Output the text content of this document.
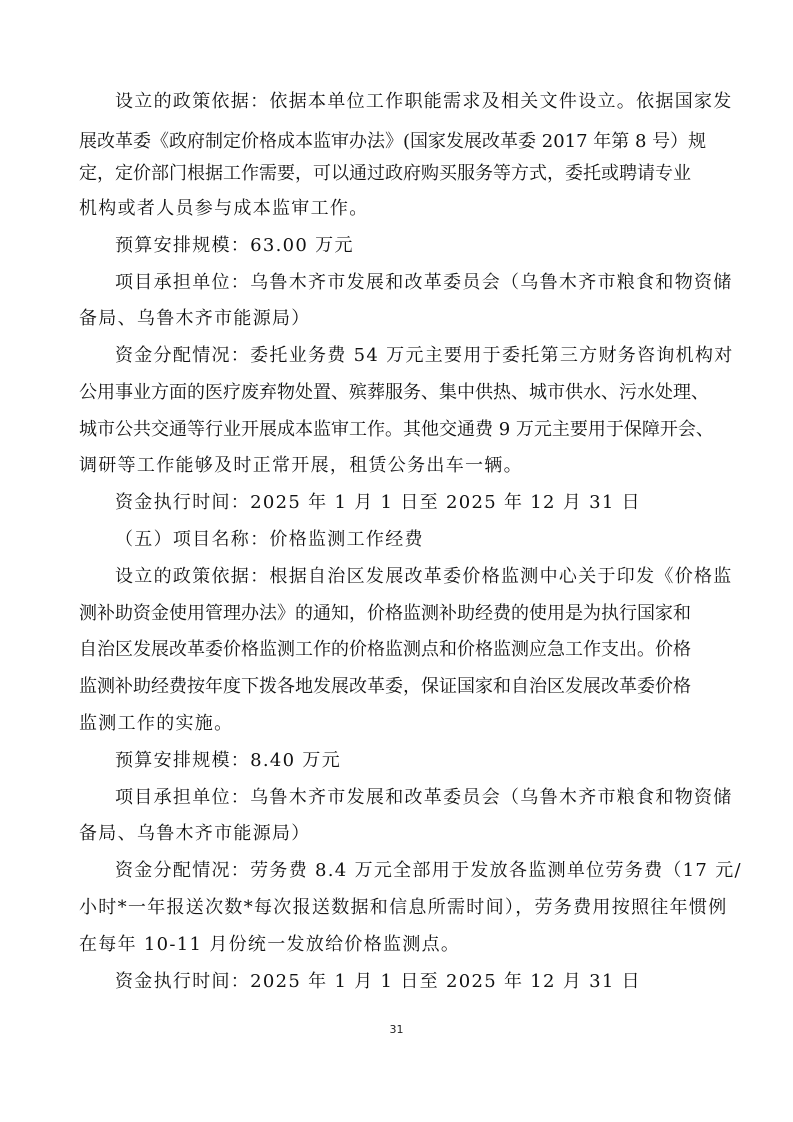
设立的政策依据：依据本单位工作职能需求及相关文件设立。依据国家发
展改革委《政府制定价格成本监审办法》(国家发展改革委 2017 年第 8 号）规
定，定价部门根据工作需要，可以通过政府购买服务等方式，委托或聘请专业
机构或者人员参与成本监审工作。
预算安排规模：63.00 万元
项目承担单位：乌鲁木齐市发展和改革委员会（乌鲁木齐市粮食和物资储
备局、乌鲁木齐市能源局）
资金分配情况：委托业务费 54 万元主要用于委托第三方财务咨询机构对
公用事业方面的医疗废弃物处置、殡葬服务、集中供热、城市供水、污水处理、
城市公共交通等行业开展成本监审工作。其他交通费 9 万元主要用于保障开会、
调研等工作能够及时正常开展，租赁公务出车一辆。
资金执行时间：2025 年 1 月 1 日至 2025 年 12 月 31 日
（五）项目名称：价格监测工作经费
设立的政策依据：根据自治区发展改革委价格监测中心关于印发《价格监
测补助资金使用管理办法》的通知，价格监测补助经费的使用是为执行国家和
自治区发展改革委价格监测工作的价格监测点和价格监测应急工作支出。价格
监测补助经费按年度下拨各地发展改革委，保证国家和自治区发展改革委价格
监测工作的实施。
预算安排规模：8.40 万元
项目承担单位：乌鲁木齐市发展和改革委员会（乌鲁木齐市粮食和物资储
备局、乌鲁木齐市能源局）
资金分配情况：劳务费 8.4 万元全部用于发放各监测单位劳务费（17 元/
小时*一年报送次数*每次报送数据和信息所需时间），劳务费用按照往年惯例
在每年 10-11 月份统一发放给价格监测点。
资金执行时间：2025 年 1 月 1 日至 2025 年 12 月 31 日
31
